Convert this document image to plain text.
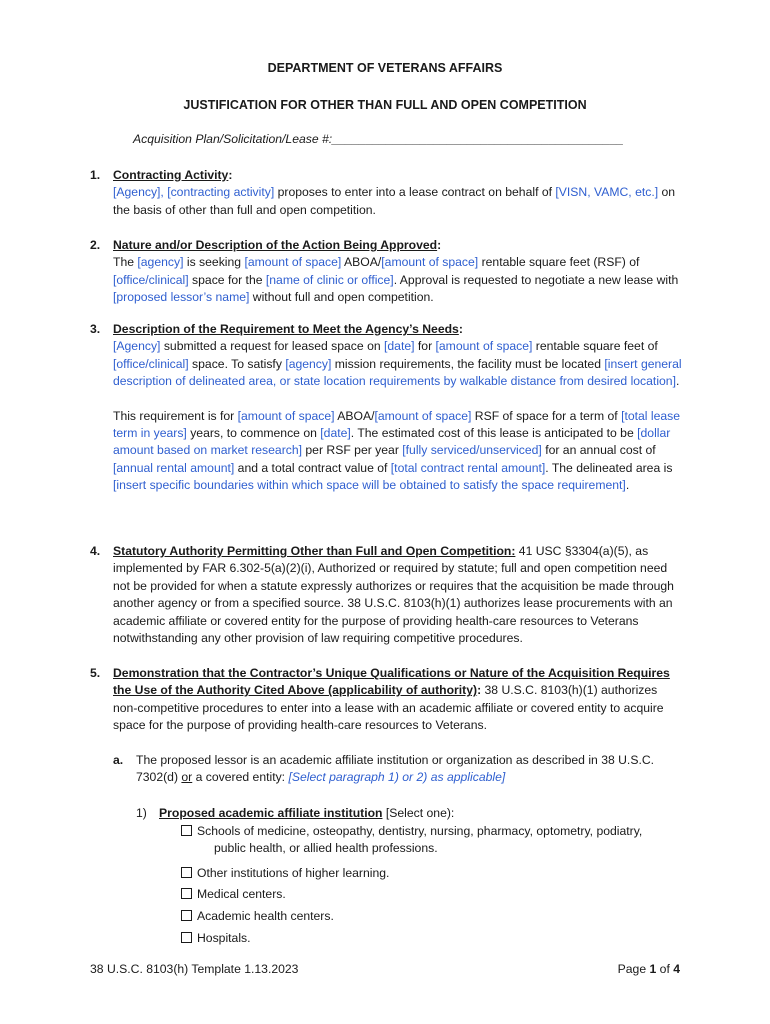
DEPARTMENT OF VETERANS AFFAIRS
JUSTIFICATION FOR OTHER THAN FULL AND OPEN COMPETITION
Acquisition Plan/Solicitation/Lease #:___________________________________________
1. Contracting Activity:
[Agency], [contracting activity] proposes to enter into a lease contract on behalf of [VISN, VAMC, etc.] on the basis of other than full and open competition.
2. Nature and/or Description of the Action Being Approved:
The [agency] is seeking [amount of space] ABOA/[amount of space] rentable square feet (RSF) of [office/clinical] space for the [name of clinic or office]. Approval is requested to negotiate a new lease with [proposed lessor’s name] without full and open competition.
3. Description of the Requirement to Meet the Agency’s Needs:
[Agency] submitted a request for leased space on [date] for [amount of space] rentable square feet of [office/clinical] space. To satisfy [agency] mission requirements, the facility must be located [insert general description of delineated area, or state location requirements by walkable distance from desired location].
This requirement is for [amount of space] ABOA/[amount of space] RSF of space for a term of [total lease term in years] years, to commence on [date]. The estimated cost of this lease is anticipated to be [dollar amount based on market research] per RSF per year [fully serviced/unserviced] for an annual cost of [annual rental amount] and a total contract value of [total contract rental amount]. The delineated area is [insert specific boundaries within which space will be obtained to satisfy the space requirement].
4. Statutory Authority Permitting Other than Full and Open Competition: 41 USC §3304(a)(5), as implemented by FAR 6.302-5(a)(2)(i), Authorized or required by statute; full and open competition need not be provided for when a statute expressly authorizes or requires that the acquisition be made through another agency or from a specified source. 38 U.S.C. 8103(h)(1) authorizes lease procurements with an academic affiliate or covered entity for the purpose of providing health-care resources to Veterans notwithstanding any other provision of law requiring competitive procedures.
5. Demonstration that the Contractor’s Unique Qualifications or Nature of the Acquisition Requires the Use of the Authority Cited Above (applicability of authority): 38 U.S.C. 8103(h)(1) authorizes non-competitive procedures to enter into a lease with an academic affiliate or covered entity to acquire space for the purpose of providing health-care resources to Veterans.
a. The proposed lessor is an academic affiliate institution or organization as described in 38 U.S.C. 7302(d) or a covered entity: [Select paragraph 1) or 2) as applicable]
1) Proposed academic affiliate institution [Select one):
Schools of medicine, osteopathy, dentistry, nursing, pharmacy, optometry, podiatry,
public health, or allied health professions.
Other institutions of higher learning.
Medical centers.
Academic health centers.
Hospitals.
38 U.S.C. 8103(h) Template 1.13.2023	Page 1 of 4
